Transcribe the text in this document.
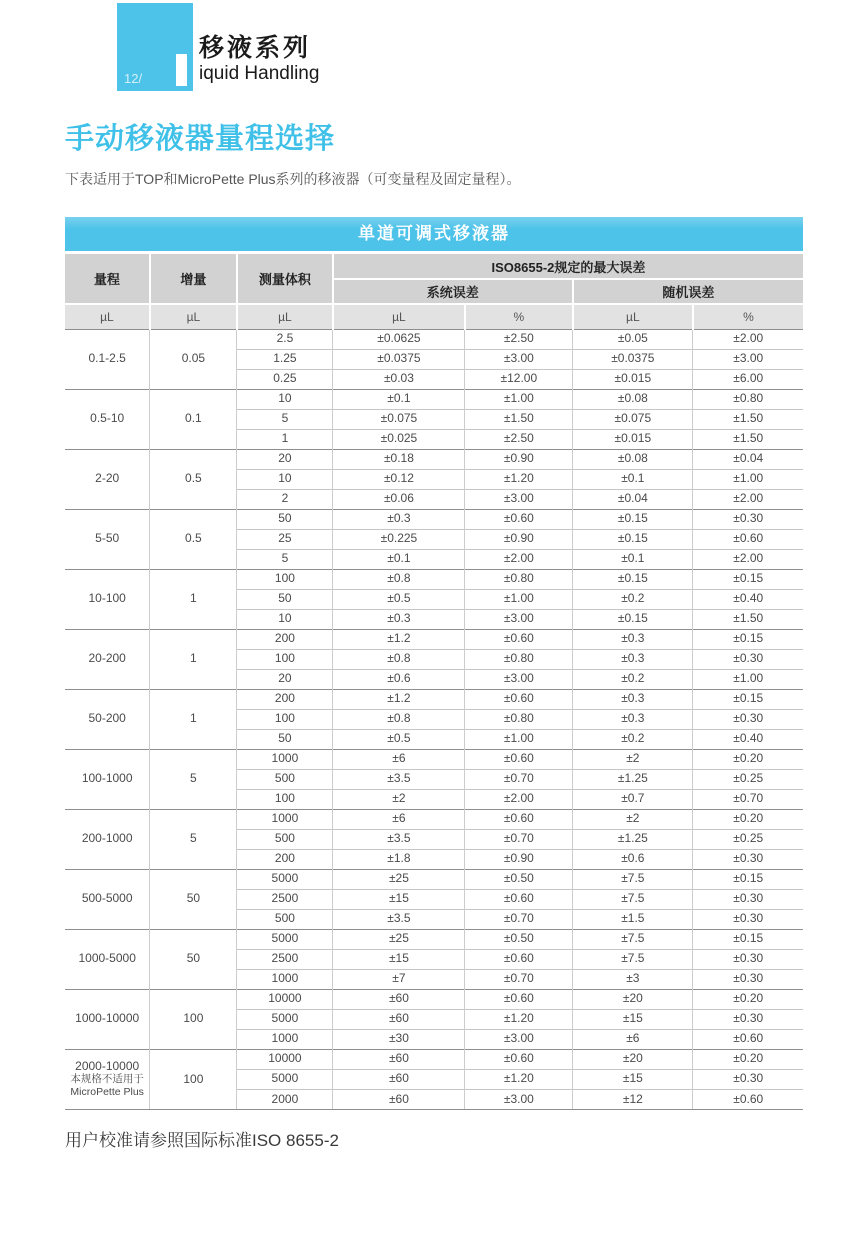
12/
移液系列
iquid Handling
手动移液器量程选择
下表适用于TOP和MicroPette Plus系列的移液器（可变量程及固定量程）。
单道可调式移液器
量程	增量	测量体积	ISO8655-2规定的最大误差			
			系统误差		随机误差	
µL	µL	µL	µL	%	µL	%

0.1-2.5	0.05	2.5	±0.0625	±2.50	±0.05	±2.00
		1.25	±0.0375	±3.00	±0.0375	±3.00
		0.25	±0.03	±12.00	±0.015	±6.00

0.5-10	0.1	10	±0.1	±1.00	±0.08	±0.80
		5	±0.075	±1.50	±0.075	±1.50
		1	±0.025	±2.50	±0.015	±1.50

2-20	0.5	20	±0.18	±0.90	±0.08	±0.04
		10	±0.12	±1.20	±0.1	±1.00
		2	±0.06	±3.00	±0.04	±2.00

5-50	0.5	50	±0.3	±0.60	±0.15	±0.30
		25	±0.225	±0.90	±0.15	±0.60
		5	±0.1	±2.00	±0.1	±2.00

10-100	1	100	±0.8	±0.80	±0.15	±0.15
		50	±0.5	±1.00	±0.2	±0.40
		10	±0.3	±3.00	±0.15	±1.50

20-200	1	200	±1.2	±0.60	±0.3	±0.15
		100	±0.8	±0.80	±0.3	±0.30
		20	±0.6	±3.00	±0.2	±1.00

50-200	1	200	±1.2	±0.60	±0.3	±0.15
		100	±0.8	±0.80	±0.3	±0.30
		50	±0.5	±1.00	±0.2	±0.40

100-1000	5	1000	±6	±0.60	±2	±0.20
		500	±3.5	±0.70	±1.25	±0.25
		100	±2	±2.00	±0.7	±0.70

200-1000	5	1000	±6	±0.60	±2	±0.20
		500	±3.5	±0.70	±1.25	±0.25
		200	±1.8	±0.90	±0.6	±0.30

500-5000	50	5000	±25	±0.50	±7.5	±0.15
		2500	±15	±0.60	±7.5	±0.30
		500	±3.5	±0.70	±1.5	±0.30

1000-5000	50	5000	±25	±0.50	±7.5	±0.15
		2500	±15	±0.60	±7.5	±0.30
		1000	±7	±0.70	±3	±0.30

1000-10000	100	10000	±60	±0.60	±20	±0.20
		5000	±60	±1.20	±15	±0.30
		1000	±30	±3.00	±6	±0.60

2000-10000
本规格不适用于
MicroPette Plus	100	10000	±60	±0.60	±20	±0.20
		5000	±60	±1.20	±15	±0.30
		2000	±60	±3.00	±12	±0.60
用户校准请参照国际标准ISO 8655-2
